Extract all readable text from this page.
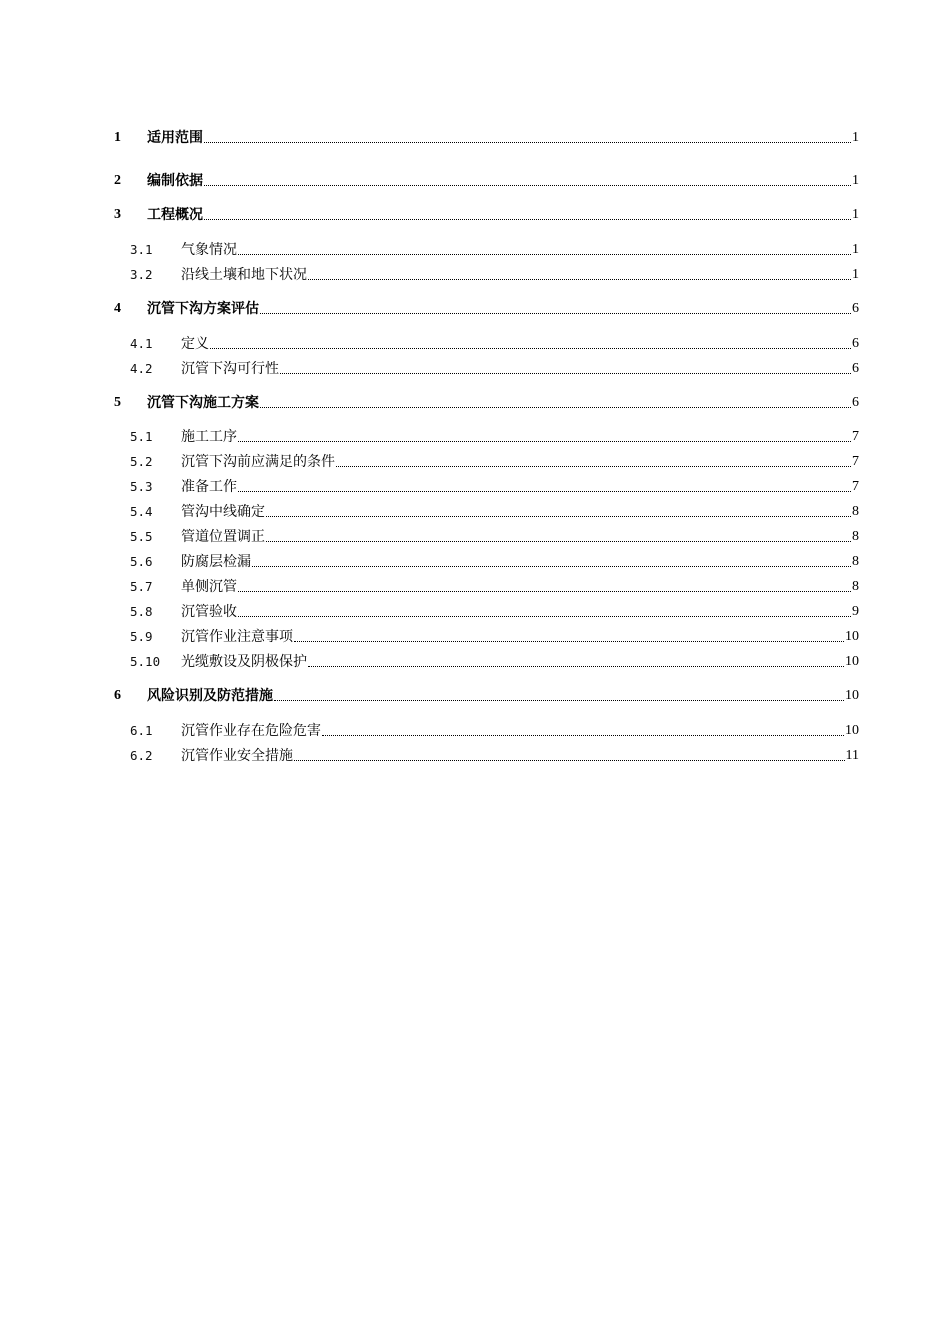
1	适用范围	1
2	编制依据	1
3	工程概况	1
3.1	气象情况	1
3.2	沿线土壤和地下状况	1
4	沉管下沟方案评估	6
4.1	定义	6
4.2	沉管下沟可行性	6
5	沉管下沟施工方案	6
5.1	施工工序	7
5.2	沉管下沟前应满足的条件	7
5.3	准备工作	7
5.4	管沟中线确定	8
5.5	管道位置调正	8
5.6	防腐层检漏	8
5.7	单侧沉管	8
5.8	沉管验收	9
5.9	沉管作业注意事项	10
5.10	光缆敷设及阴极保护	10
6	风险识别及防范措施	10
6.1	沉管作业存在危险危害	10
6.2	沉管作业安全措施	11
